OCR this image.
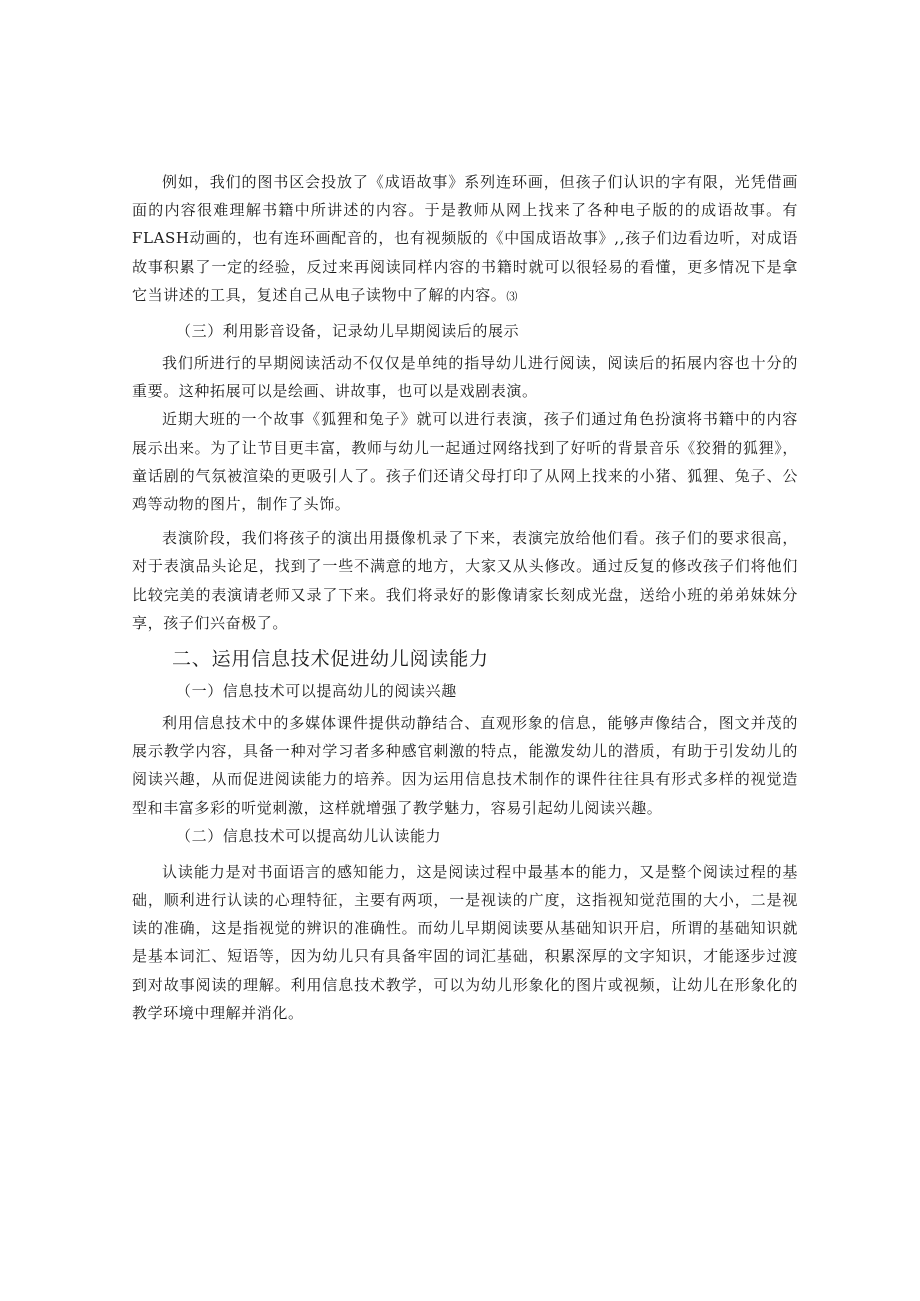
例如，我们的图书区会投放了《成语故事》系列连环画，但孩子们认识的字有限，光凭借画面的内容很难理解书籍中所讲述的内容。于是教师从网上找来了各种电子版的的成语故事。有FLASH动画的，也有连环画配音的，也有视频版的《中国成语故事》,,孩子们边看边听，对成语故事积累了一定的经验，反过来再阅读同样内容的书籍时就可以很轻易的看懂，更多情况下是拿它当讲述的工具，复述自己从电子读物中了解的内容。⑶

（三）利用影音设备，记录幼儿早期阅读后的展示

我们所进行的早期阅读活动不仅仅是单纯的指导幼儿进行阅读，阅读后的拓展内容也十分的重要。这种拓展可以是绘画、讲故事，也可以是戏剧表演。

近期大班的一个故事《狐狸和兔子》就可以进行表演，孩子们通过角色扮演将书籍中的内容展示出来。为了让节目更丰富，教师与幼儿一起通过网络找到了好听的背景音乐《狡猾的狐狸》，童话剧的气氛被渲染的更吸引人了。孩子们还请父母打印了从网上找来的小猪、狐狸、兔子、公鸡等动物的图片，制作了头饰。

表演阶段，我们将孩子的演出用摄像机录了下来，表演完放给他们看。孩子们的要求很高，对于表演品头论足，找到了一些不满意的地方，大家又从头修改。通过反复的修改孩子们将他们比较完美的表演请老师又录了下来。我们将录好的影像请家长刻成光盘，送给小班的弟弟妹妹分享，孩子们兴奋极了。

二、运用信息技术促进幼儿阅读能力

（一）信息技术可以提高幼儿的阅读兴趣

利用信息技术中的多媒体课件提供动静结合、直观形象的信息，能够声像结合，图文并茂的展示教学内容，具备一种对学习者多种感官刺激的特点，能激发幼儿的潜质，有助于引发幼儿的阅读兴趣，从而促进阅读能力的培养。因为运用信息技术制作的课件往往具有形式多样的视觉造型和丰富多彩的听觉刺激，这样就增强了教学魅力，容易引起幼儿阅读兴趣。

（二）信息技术可以提高幼儿认读能力

认读能力是对书面语言的感知能力，这是阅读过程中最基本的能力，又是整个阅读过程的基础，顺利进行认读的心理特征，主要有两项，一是视读的广度，这指视知觉范围的大小，二是视读的准确，这是指视觉的辨识的准确性。而幼儿早期阅读要从基础知识开启，所谓的基础知识就是基本词汇、短语等，因为幼儿只有具备牢固的词汇基础，积累深厚的文字知识，才能逐步过渡到对故事阅读的理解。利用信息技术教学，可以为幼儿形象化的图片或视频，让幼儿在形象化的教学环境中理解并消化。
